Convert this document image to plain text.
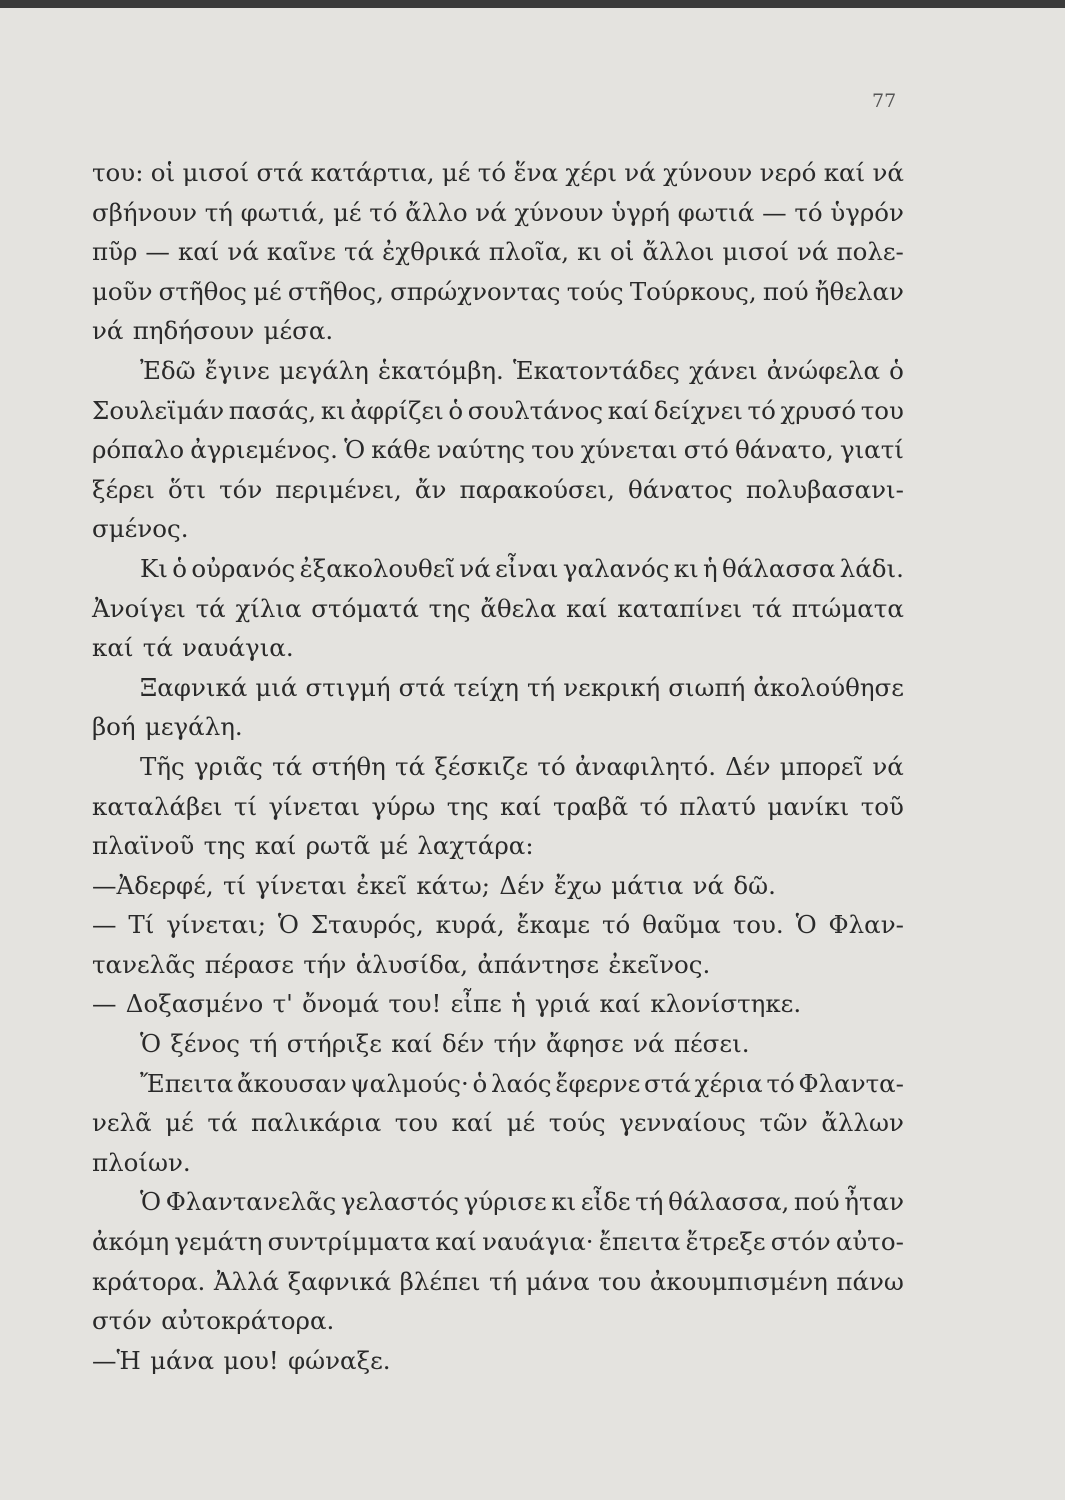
77
του: οἱ μισοί στά κατάρτια, μέ τό ἕνα χέρι νά χύνουν νερό καί νά
σβήνουν τή φωτιά, μέ τό ἄλλο νά χύνουν ὑγρή φωτιά — τό ὑγρόν
πῦρ — καί νά καῖνε τά ἐχθρικά πλοῖα, κι οἱ ἄλλοι μισοί νά πολε-
μοῦν στῆθος μέ στῆθος, σπρώχνοντας τούς Τούρκους, πού ἤθελαν
νά πηδήσουν μέσα.
Ἐδῶ ἔγινε μεγάλη ἑκατόμβη. Ἑκατοντάδες χάνει ἀνώφελα ὁ
Σουλεϊμάν πασάς, κι ἀφρίζει ὁ σουλτάνος καί δείχνει τό χρυσό του
ρόπαλο ἀγριεμένος. Ὁ κάθε ναύτης του χύνεται στό θάνατο, γιατί
ξέρει ὅτι τόν περιμένει, ἄν παρακούσει, θάνατος πολυβασανι-
σμένος.
Κι ὁ οὐρανός ἐξακολουθεῖ νά εἶναι γαλανός κι ἡ θάλασσα λάδι.
Ἀνοίγει τά χίλια στόματά της ἄθελα καί καταπίνει τά πτώματα
καί τά ναυάγια.
Ξαφνικά μιά στιγμή στά τείχη τή νεκρική σιωπή ἀκολούθησε
βοή μεγάλη.
Τῆς γριᾶς τά στήθη τά ξέσκιζε τό ἀναφιλητό. Δέν μπορεῖ νά
καταλάβει τί γίνεται γύρω της καί τραβᾶ τό πλατύ μανίκι τοῦ
πλαϊνοῦ της καί ρωτᾶ μέ λαχτάρα:
—Ἀδερφέ, τί γίνεται ἐκεῖ κάτω; Δέν ἔχω μάτια νά δῶ.
— Τί γίνεται; Ὁ Σταυρός, κυρά, ἔκαμε τό θαῦμα του. Ὁ Φλαν-
τανελᾶς πέρασε τήν ἁλυσίδα, ἀπάντησε ἐκεῖνος.
— Δοξασμένο τ' ὄνομά του! εἶπε ἡ γριά καί κλονίστηκε.
Ὁ ξένος τή στήριξε καί δέν τήν ἄφησε νά πέσει.
Ἔπειτα ἄκουσαν ψαλμούς· ὁ λαός ἔφερνε στά χέρια τό Φλαντα-
νελᾶ μέ τά παλικάρια του καί μέ τούς γενναίους τῶν ἄλλων
πλοίων.
Ὁ Φλαντανελᾶς γελαστός γύρισε κι εἶδε τή θάλασσα, πού ἦταν
ἀκόμη γεμάτη συντρίμματα καί ναυάγια· ἔπειτα ἔτρεξε στόν αὐτο-
κράτορα. Ἀλλά ξαφνικά βλέπει τή μάνα του ἀκουμπισμένη πάνω
στόν αὐτοκράτορα.
—Ἡ μάνα μου! φώναξε.
